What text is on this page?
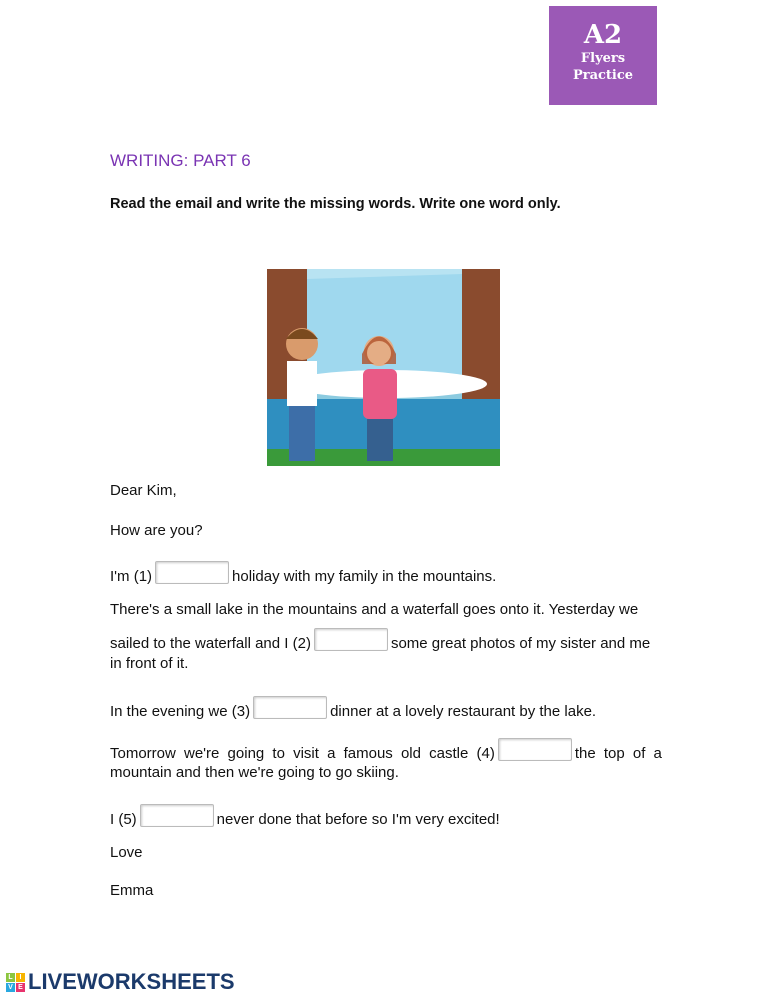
A2
Flyers
Practice
WRITING: PART 6
Read the email and write the missing words. Write one word only.
Dear Kim,
How are you?
I'm (1)	holiday with my family in the mountains.
There's a small lake in the mountains and a waterfall goes onto it. Yesterday we
sailed to the waterfall and I (2)	some great photos of my sister and me
in front of it.
In the evening we (3)	dinner at a lovely restaurant by the lake.
Tomorrow we're going to visit a famous old castle (4)	the top of a
mountain and then we're going to go skiing.
I (5)	never done that before so I'm very excited!
Love
Emma
L I
V E LIVEWORKSHEETS
